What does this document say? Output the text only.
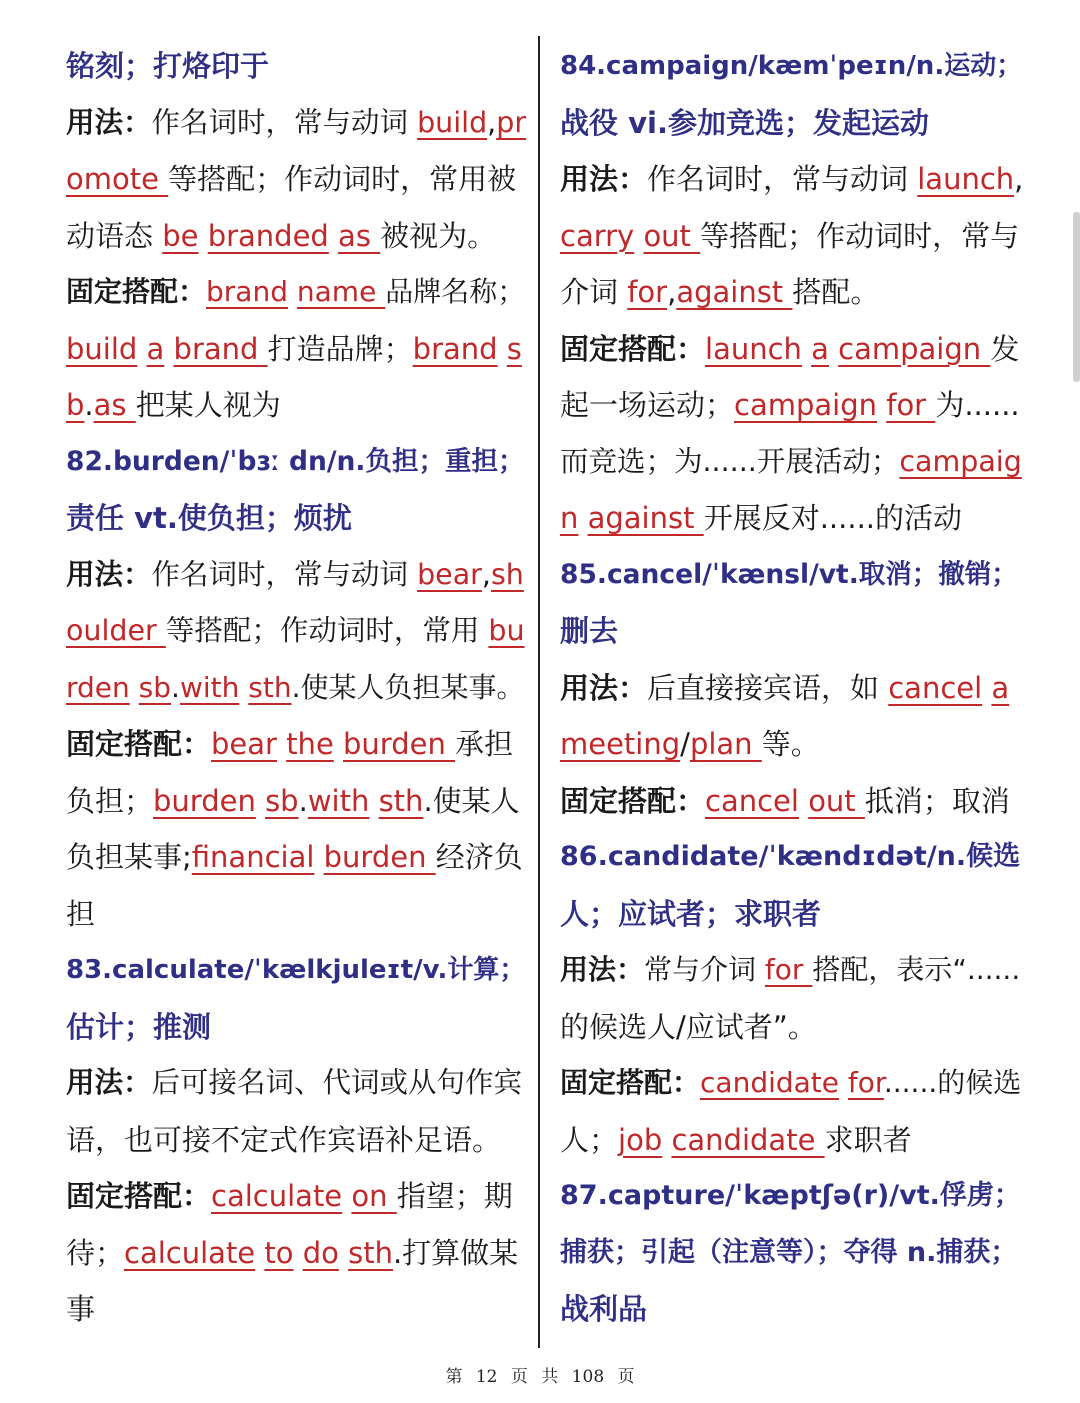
铭刻；打烙印于
用法：作名词时，常与动词 build,pr
omote 等搭配；作动词时，常用被
动语态 be branded as 被视为。
固定搭配：brand name 品牌名称；
build a brand 打造品牌；brand s
b.as 把某人视为
82.burden/ˈbɜː dn/n.负担；重担；
责任 vt.使负担；烦扰
用法：作名词时，常与动词 bear,sh
oulder 等搭配；作动词时，常用 bu
rden sb.with sth.使某人负担某事。
固定搭配：bear the burden 承担
负担；burden sb.with sth.使某人
负担某事;financial burden 经济负
担
83.calculate/ˈkælkjuleɪt/v.计算；
估计；推测
用法：后可接名词、代词或从句作宾
语，也可接不定式作宾语补足语。
固定搭配：calculate on 指望；期
待；calculate to do sth.打算做某
事
84.campaign/kæmˈpeɪn/n.运动；
战役 vi.参加竞选；发起运动
用法：作名词时，常与动词 launch,
carry out 等搭配；作动词时，常与
介词 for,against 搭配。
固定搭配：launch a campaign 发
起一场运动；campaign for 为......
而竞选；为......开展活动；campaig
n against 开展反对......的活动
85.cancel/ˈkænsl/vt.取消；撤销；
删去
用法：后直接接宾语，如 cancel a
meeting/plan 等。
固定搭配：cancel out 抵消；取消
86.candidate/ˈkændɪdət/n.候选
人；应试者；求职者
用法：常与介词 for 搭配，表示“......
的候选人/应试者”。
固定搭配：candidate for......的候选
人；job candidate 求职者
87.capture/ˈkæptʃə(r)/vt.俘虏；
捕获；引起（注意等）；夺得 n.捕获；
战利品
第 12 页 共 108 页
